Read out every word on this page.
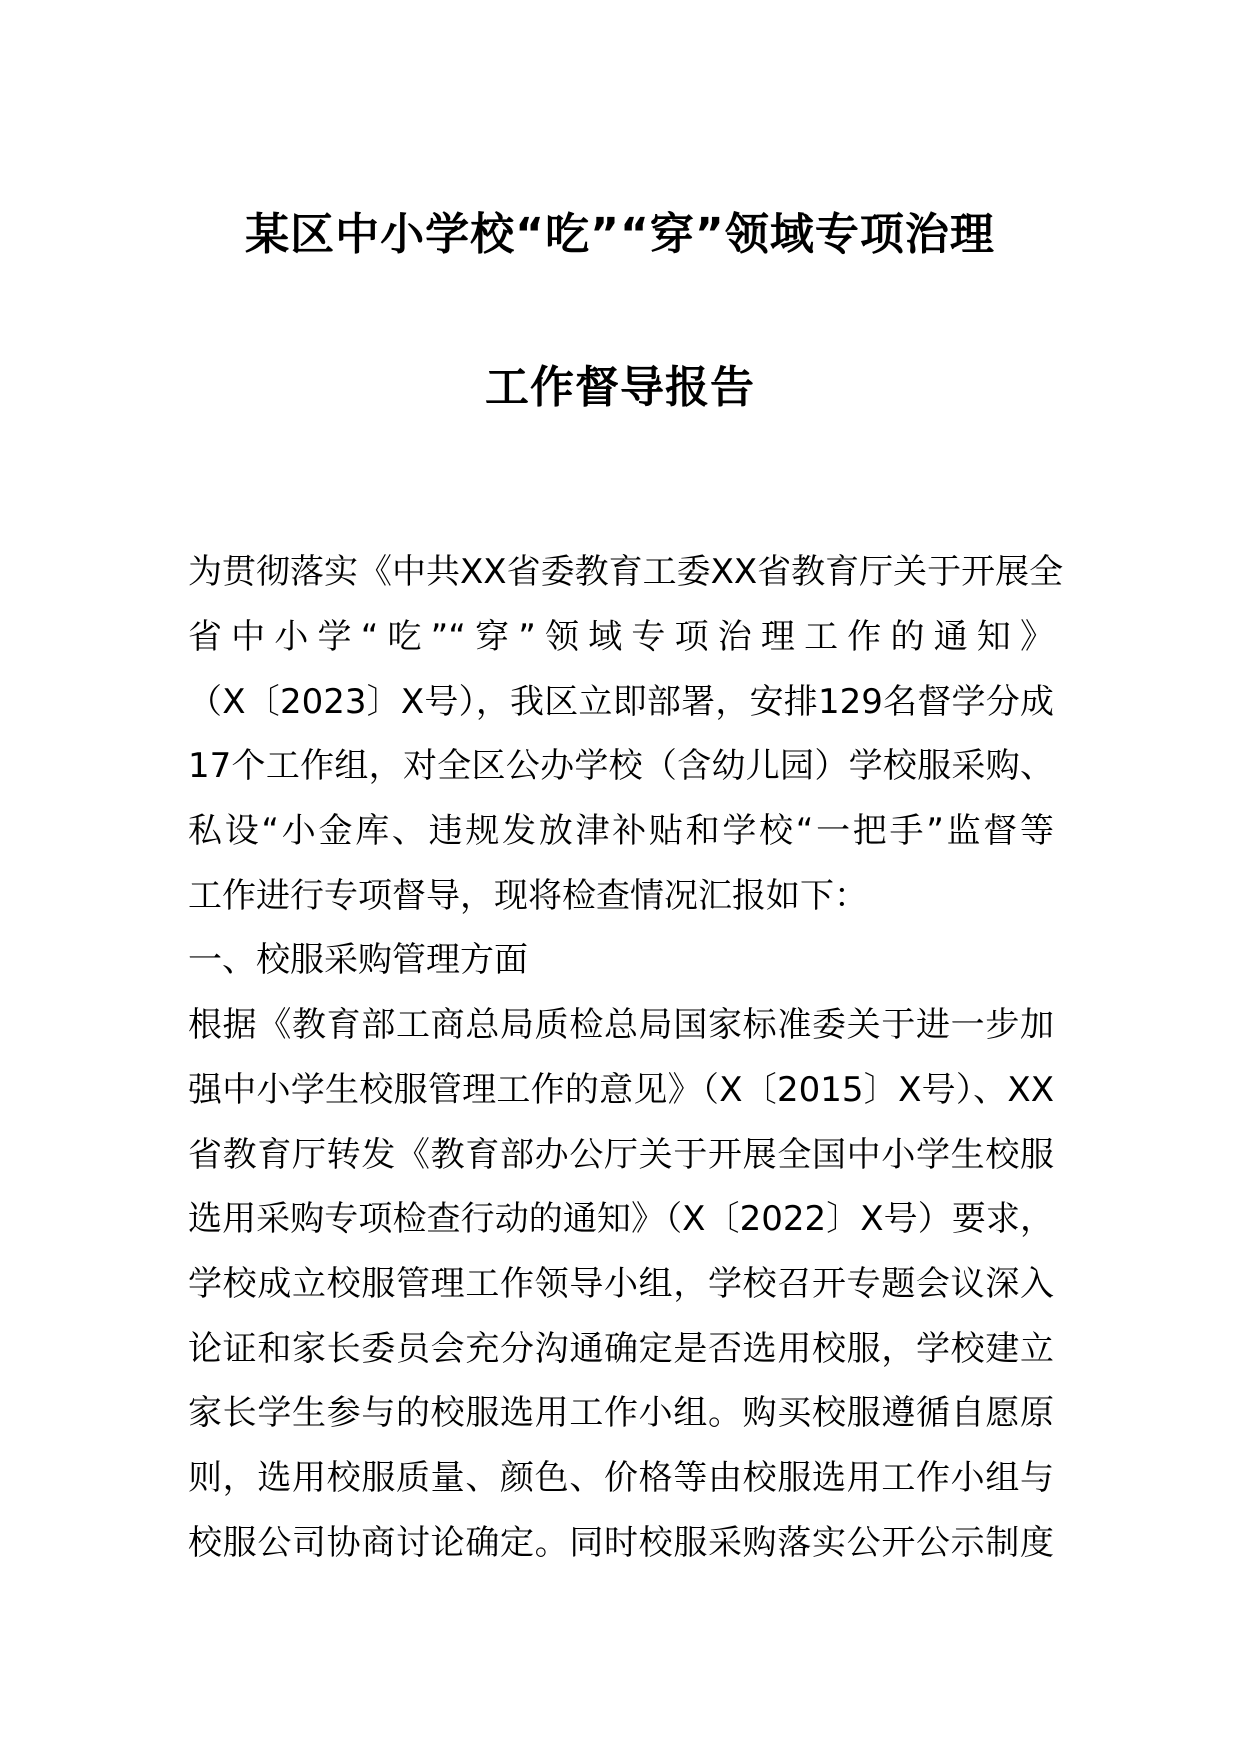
某区中小学校“吃”“穿”领域专项治理
工作督导报告
为贯彻落实《中共XX省委教育工委XX省教育厅关于开展全
省中小学“吃”“穿”领域专项治理工作的通知》
（X〔2023〕X号），我区立即部署，安排129名督学分成
17个工作组，对全区公办学校（含幼儿园）学校服采购、
私设“小金库、违规发放津补贴和学校“一把手”监督等
工作进行专项督导，现将检查情况汇报如下：
一、校服采购管理方面
根据《教育部工商总局质检总局国家标准委关于进一步加
强中小学生校服管理工作的意见》（X〔2015〕X号）、XX
省教育厅转发《教育部办公厅关于开展全国中小学生校服
选用采购专项检查行动的通知》（X〔2022〕X号）要求，
学校成立校服管理工作领导小组，学校召开专题会议深入
论证和家长委员会充分沟通确定是否选用校服，学校建立
家长学生参与的校服选用工作小组。购买校服遵循自愿原
则，选用校服质量、颜色、价格等由校服选用工作小组与
校服公司协商讨论确定。同时校服采购落实公开公示制度
